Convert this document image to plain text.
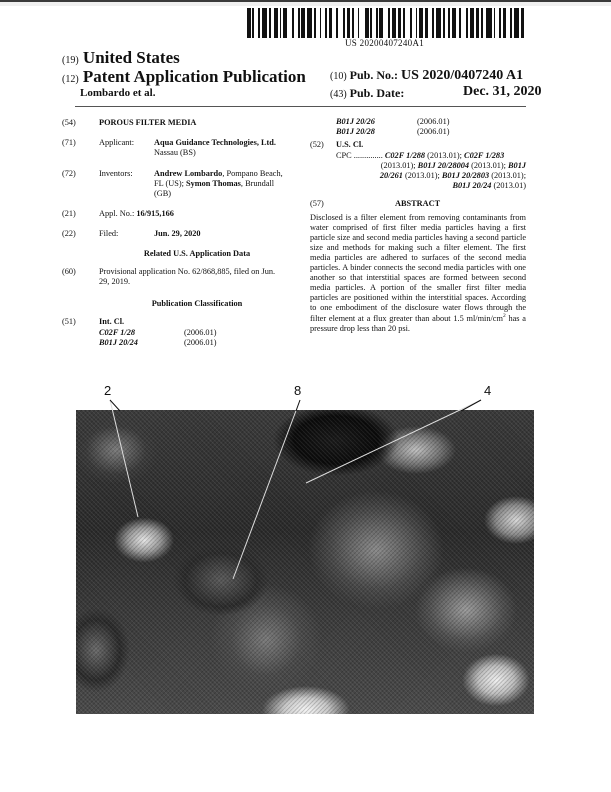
US 20200407240A1
(19) United States
(12) Patent Application Publication
Lombardo et al.
(10) Pub. No.: US 2020/0407240 A1
(43) Pub. Date:	Dec. 31, 2020
(54)	POROUS FILTER MEDIA
(71)	Applicant: Aqua Guidance Technologies, Ltd.
Nassau (BS)
(72)	Inventors:	Andrew Lombardo, Pompano Beach,
FL (US); Symon Thomas, Brundall
(GB)
(21)	Appl. No.: 16/915,166
(22)	Filed:	Jun. 29, 2020
Related U.S. Application Data
(60)	Provisional application No. 62/868,885, filed on Jun.
29, 2019.
Publication Classification
(51)	Int. Cl.
C02F 1/28	(2006.01)
B01J 20/24	(2006.01)
B01J 20/26	(2006.01)
B01J 20/28	(2006.01)
(52)	U.S. Cl.
CPC .............. C02F 1/288 (2013.01); C02F 1/283
(2013.01); B01J 20/28004 (2013.01); B01J
20/261 (2013.01); B01J 20/2803 (2013.01);
B01J 20/24 (2013.01)
(57)	ABSTRACT
Disclosed is a filter element from removing contaminants from water comprised of first filter media particles having a first particle size and second media particles having a second particle size and methods for making such a filter element. The first media particles are adhered to surfaces of the second media particles. A binder connects the second media particles with one another so that interstitial spaces are formed between second media particles. A portion of the smaller first filter media particles are positioned within the interstitial spaces. According to one embodiment of the disclosure water flows through the filter element at a flux greater than about 1.5 $ml/\min/cm^2$ has a pressure drop less than 20 psi.
2	8	4
